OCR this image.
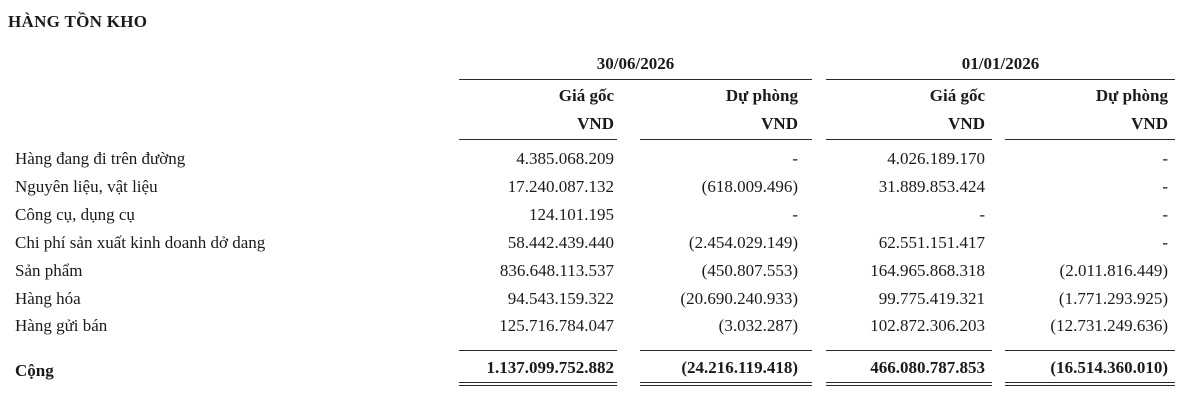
HÀNG TỒN KHO
30/06/2026	01/01/2026
Giá gốc	Dự phòng	Giá gốc	Dự phòng
VND	VND	VND	VND
Hàng đang đi trên đường	4.385.068.209	-	4.026.189.170	-
Nguyên liệu, vật liệu	17.240.087.132	(618.009.496)	31.889.853.424	-
Công cụ, dụng cụ	124.101.195	-	-	-
Chi phí sản xuất kinh doanh dở dang	58.442.439.440	(2.454.029.149)	62.551.151.417	-
Sản phẩm	836.648.113.537	(450.807.553)	164.965.868.318	(2.011.816.449)
Hàng hóa	94.543.159.322	(20.690.240.933)	99.775.419.321	(1.771.293.925)
Hàng gửi bán	125.716.784.047	(3.032.287)	102.872.306.203	(12.731.249.636)
Cộng	1.137.099.752.882	(24.216.119.418)	466.080.787.853	(16.514.360.010)
